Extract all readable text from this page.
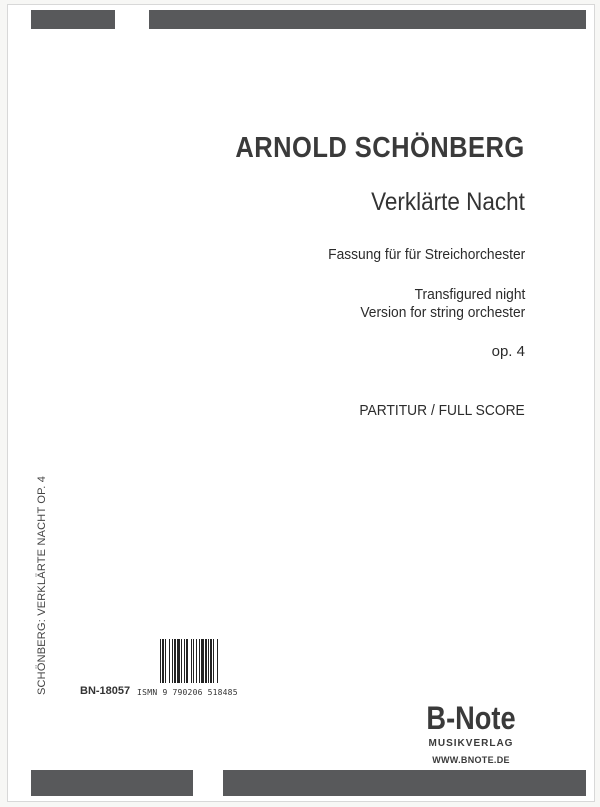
ARNOLD SCHÖNBERG
Verklärte Nacht
Fassung für für Streichorchester
Transfigured night
Version for string orchester
op. 4
PARTITUR / FULL SCORE
SCHÖNBERG: VERKLÄRTE NACHT OP. 4	BN-18057 ISMN 9 790206 518485
B-Note
MUSIKVERLAG
WWW.BNOTE.DE
